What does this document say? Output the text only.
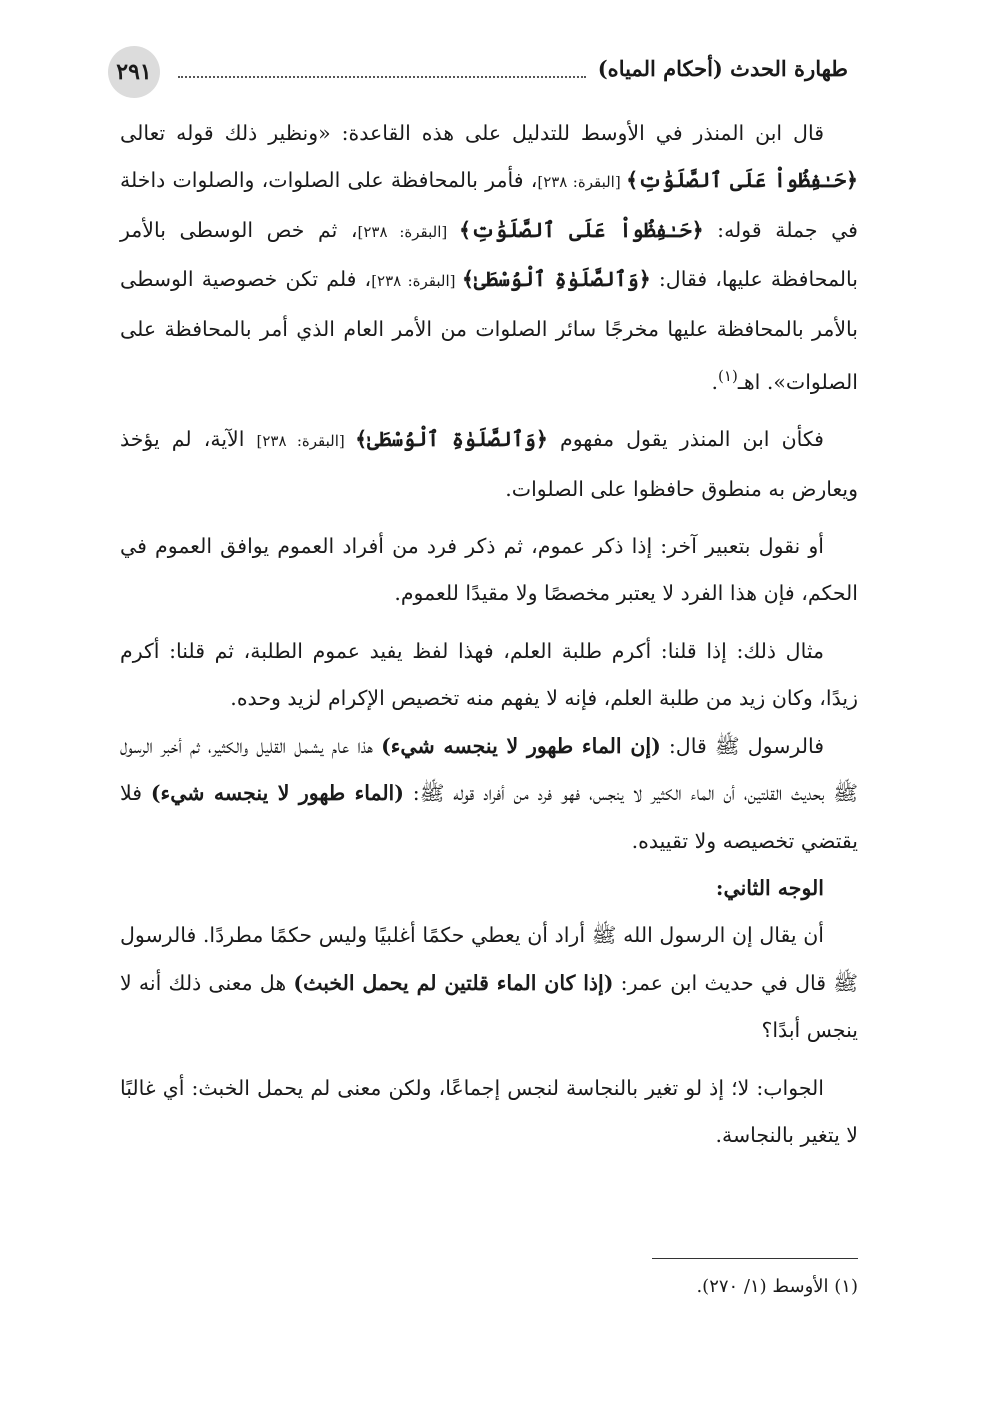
طهارة الحدث (أحكام المياه)
٢٩١

قال ابن المنذر في الأوسط للتدليل على هذه القاعدة: «ونظير ذلك قوله تعالى ﴿حَـٰفِظُواْ عَلَى ٱلصَّلَوَٰتِ﴾ [البقرة: ٢٣٨]، فأمر بالمحافظة على الصلوات، والصلوات داخلة في جملة قوله: ﴿حَـٰفِظُواْ عَلَى ٱلصَّلَوَٰتِ﴾ [البقرة: ٢٣٨]، ثم خص الوسطى بالأمر بالمحافظة عليها، فقال: ﴿وَٱلصَّلَوٰةِ ٱلْوُسْطَىٰ﴾ [البقرة: ٢٣٨]، فلم تكن خصوصية الوسطى بالأمر بالمحافظة عليها مخرجًا سائر الصلوات من الأمر العام الذي أمر بالمحافظة على الصلوات». اهـ$^{(١)}$.

فكأن ابن المنذر يقول مفهوم ﴿وَٱلصَّلَوٰةِ ٱلْوُسْطَىٰ﴾ [البقرة: ٢٣٨] الآية، لم يؤخذ ويعارض به منطوق حافظوا على الصلوات.

أو نقول بتعبير آخر: إذا ذكر عموم، ثم ذكر فرد من أفراد العموم يوافق العموم في الحكم، فإن هذا الفرد لا يعتبر مخصصًا ولا مقيدًا للعموم.

مثال ذلك: إذا قلنا: أكرم طلبة العلم، فهذا لفظ يفيد عموم الطلبة، ثم قلنا: أكرم زيدًا، وكان زيد من طلبة العلم، فإنه لا يفهم منه تخصيص الإكرام لزيد وحده.

فالرسول ﷺ قال: (إن الماء طهور لا ينجسه شيء) هذا عام يشمل القليل والكثير، ثم أخبر الرسول ﷺ بحديث القلتين، أن الماء الكثير لا ينجس، فهو فرد من أفراد قوله ﷺ: (الماء طهور لا ينجسه شيء) فلا يقتضي تخصيصه ولا تقييده.

الوجه الثاني:

أن يقال إن الرسول الله ﷺ أراد أن يعطي حكمًا أغلبيًا وليس حكمًا مطردًا. فالرسول ﷺ قال في حديث ابن عمر: (إذا كان الماء قلتين لم يحمل الخبث) هل معنى ذلك أنه لا ينجس أبدًا؟

الجواب: لا؛ إذ لو تغير بالنجاسة لنجس إجماعًا، ولكن معنى لم يحمل الخبث: أي غالبًا لا يتغير بالنجاسة.

(١) الأوسط (١/ ٢٧٠).
